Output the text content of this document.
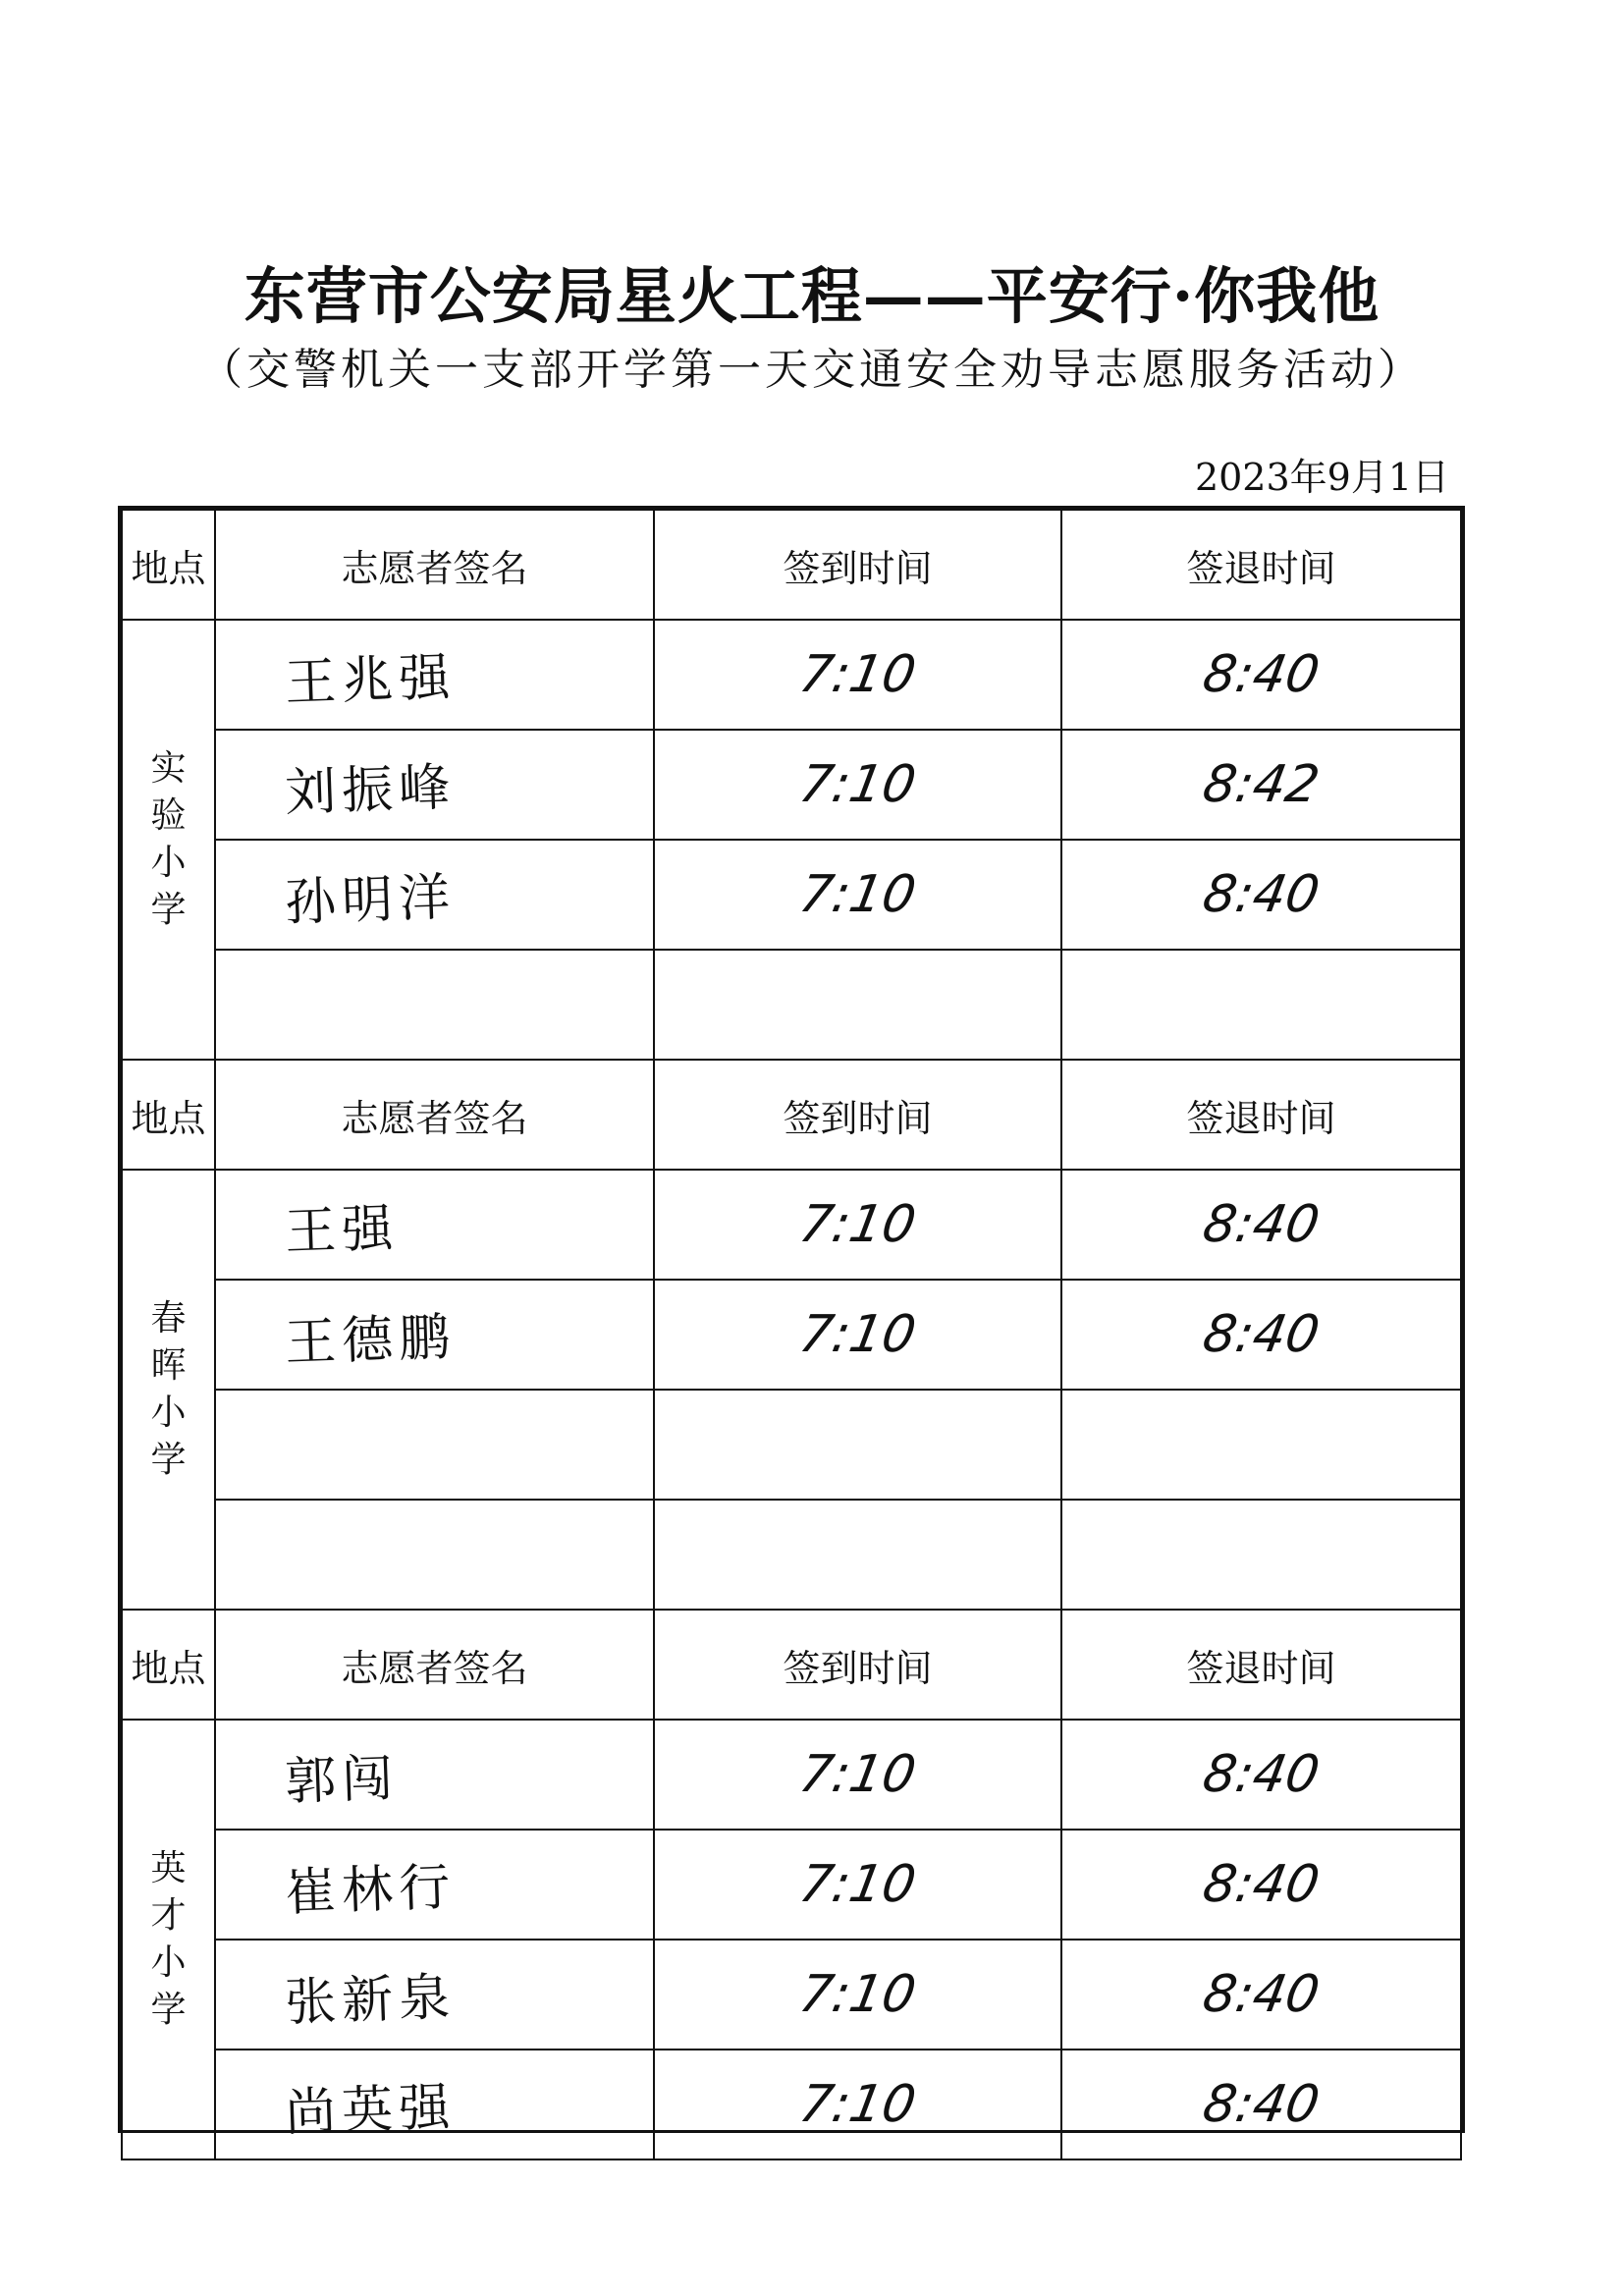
东营市公安局星火工程——平安行·你我他
（交警机关一支部开学第一天交通安全劝导志愿服务活动）
2023年9月1日
地点	志愿者签名	签到时间	签退时间
实验小学	王兆强	7:10	8:40
	刘振峰	7:10	8:42
	孙明洋	7:10	8:40

地点	志愿者签名	签到时间	签退时间
春晖小学	王强	7:10	8:40
	王德鹏	7:10	8:40

地点	志愿者签名	签到时间	签退时间
英才小学	郭闯	7:10	8:40
	崔林行	7:10	8:40
	张新泉	7:10	8:40
	尚英强	7:10	8:40
